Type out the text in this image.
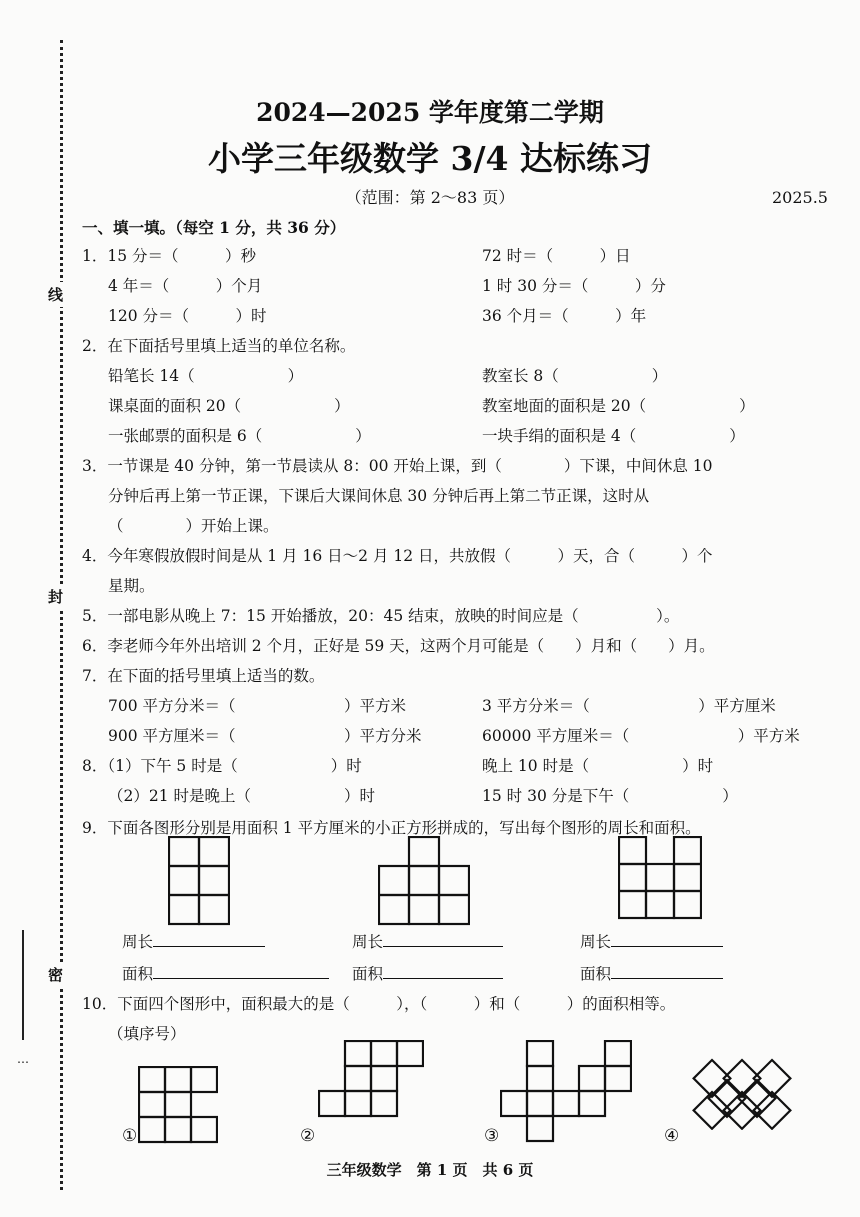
线
封
密
…
2024—2025 学年度第二学期
小学三年级数学 3/4 达标练习
（范围：第 2～83 页）	2025.5
一、填一填。（每空 1 分，共 36 分）
1．15 分＝（　　　）秒	72 时＝（　　　）日
4 年＝（　　　）个月	1 时 30 分＝（　　　）分
120 分＝（　　　）时	36 个月＝（　　　）年
2．在下面括号里填上适当的单位名称。
铅笔长 14（　　　　　　）	教室长 8（　　　　　　）
课桌面的面积 20（　　　　　　）	教室地面的面积是 20（　　　　　　）
一张邮票的面积是 6（　　　　　　）	一块手绢的面积是 4（　　　　　　）
3．一节课是 40 分钟，第一节晨读从 8：00 开始上课，到（　　　　）下课，中间休息 10
分钟后再上第一节正课，下课后大课间休息 30 分钟后再上第二节正课，这时从
（　　　　）开始上课。
4．今年寒假放假时间是从 1 月 16 日～2 月 12 日，共放假（　　　）天，合（　　　）个
星期。
5．一部电影从晚上 7：15 开始播放，20：45 结束，放映的时间应是（　　　　　）。
6．李老师今年外出培训 2 个月，正好是 59 天，这两个月可能是（　　）月和（　　）月。
7．在下面的括号里填上适当的数。
700 平方分米＝（　　　　　　　）平方米	3 平方分米＝（　　　　　　　）平方厘米
900 平方厘米＝（　　　　　　　）平方分米	60000 平方厘米＝（　　　　　　　）平方米
8．（1）下午 5 时是（　　　　　　）时	晚上 10 时是（　　　　　　）时
（2）21 时是晚上（　　　　　　）时	15 时 30 分是下午（　　　　　　）
9．下面各图形分别是用面积 1 平方厘米的小正方形拼成的，写出每个图形的周长和面积。
周长	周长	周长
面积	面积	面积
10．下面四个图形中，面积最大的是（　　　），（　　　）和（　　　）的面积相等。
（填序号）
①	②	③	④
三年级数学　第 1 页　共 6 页
